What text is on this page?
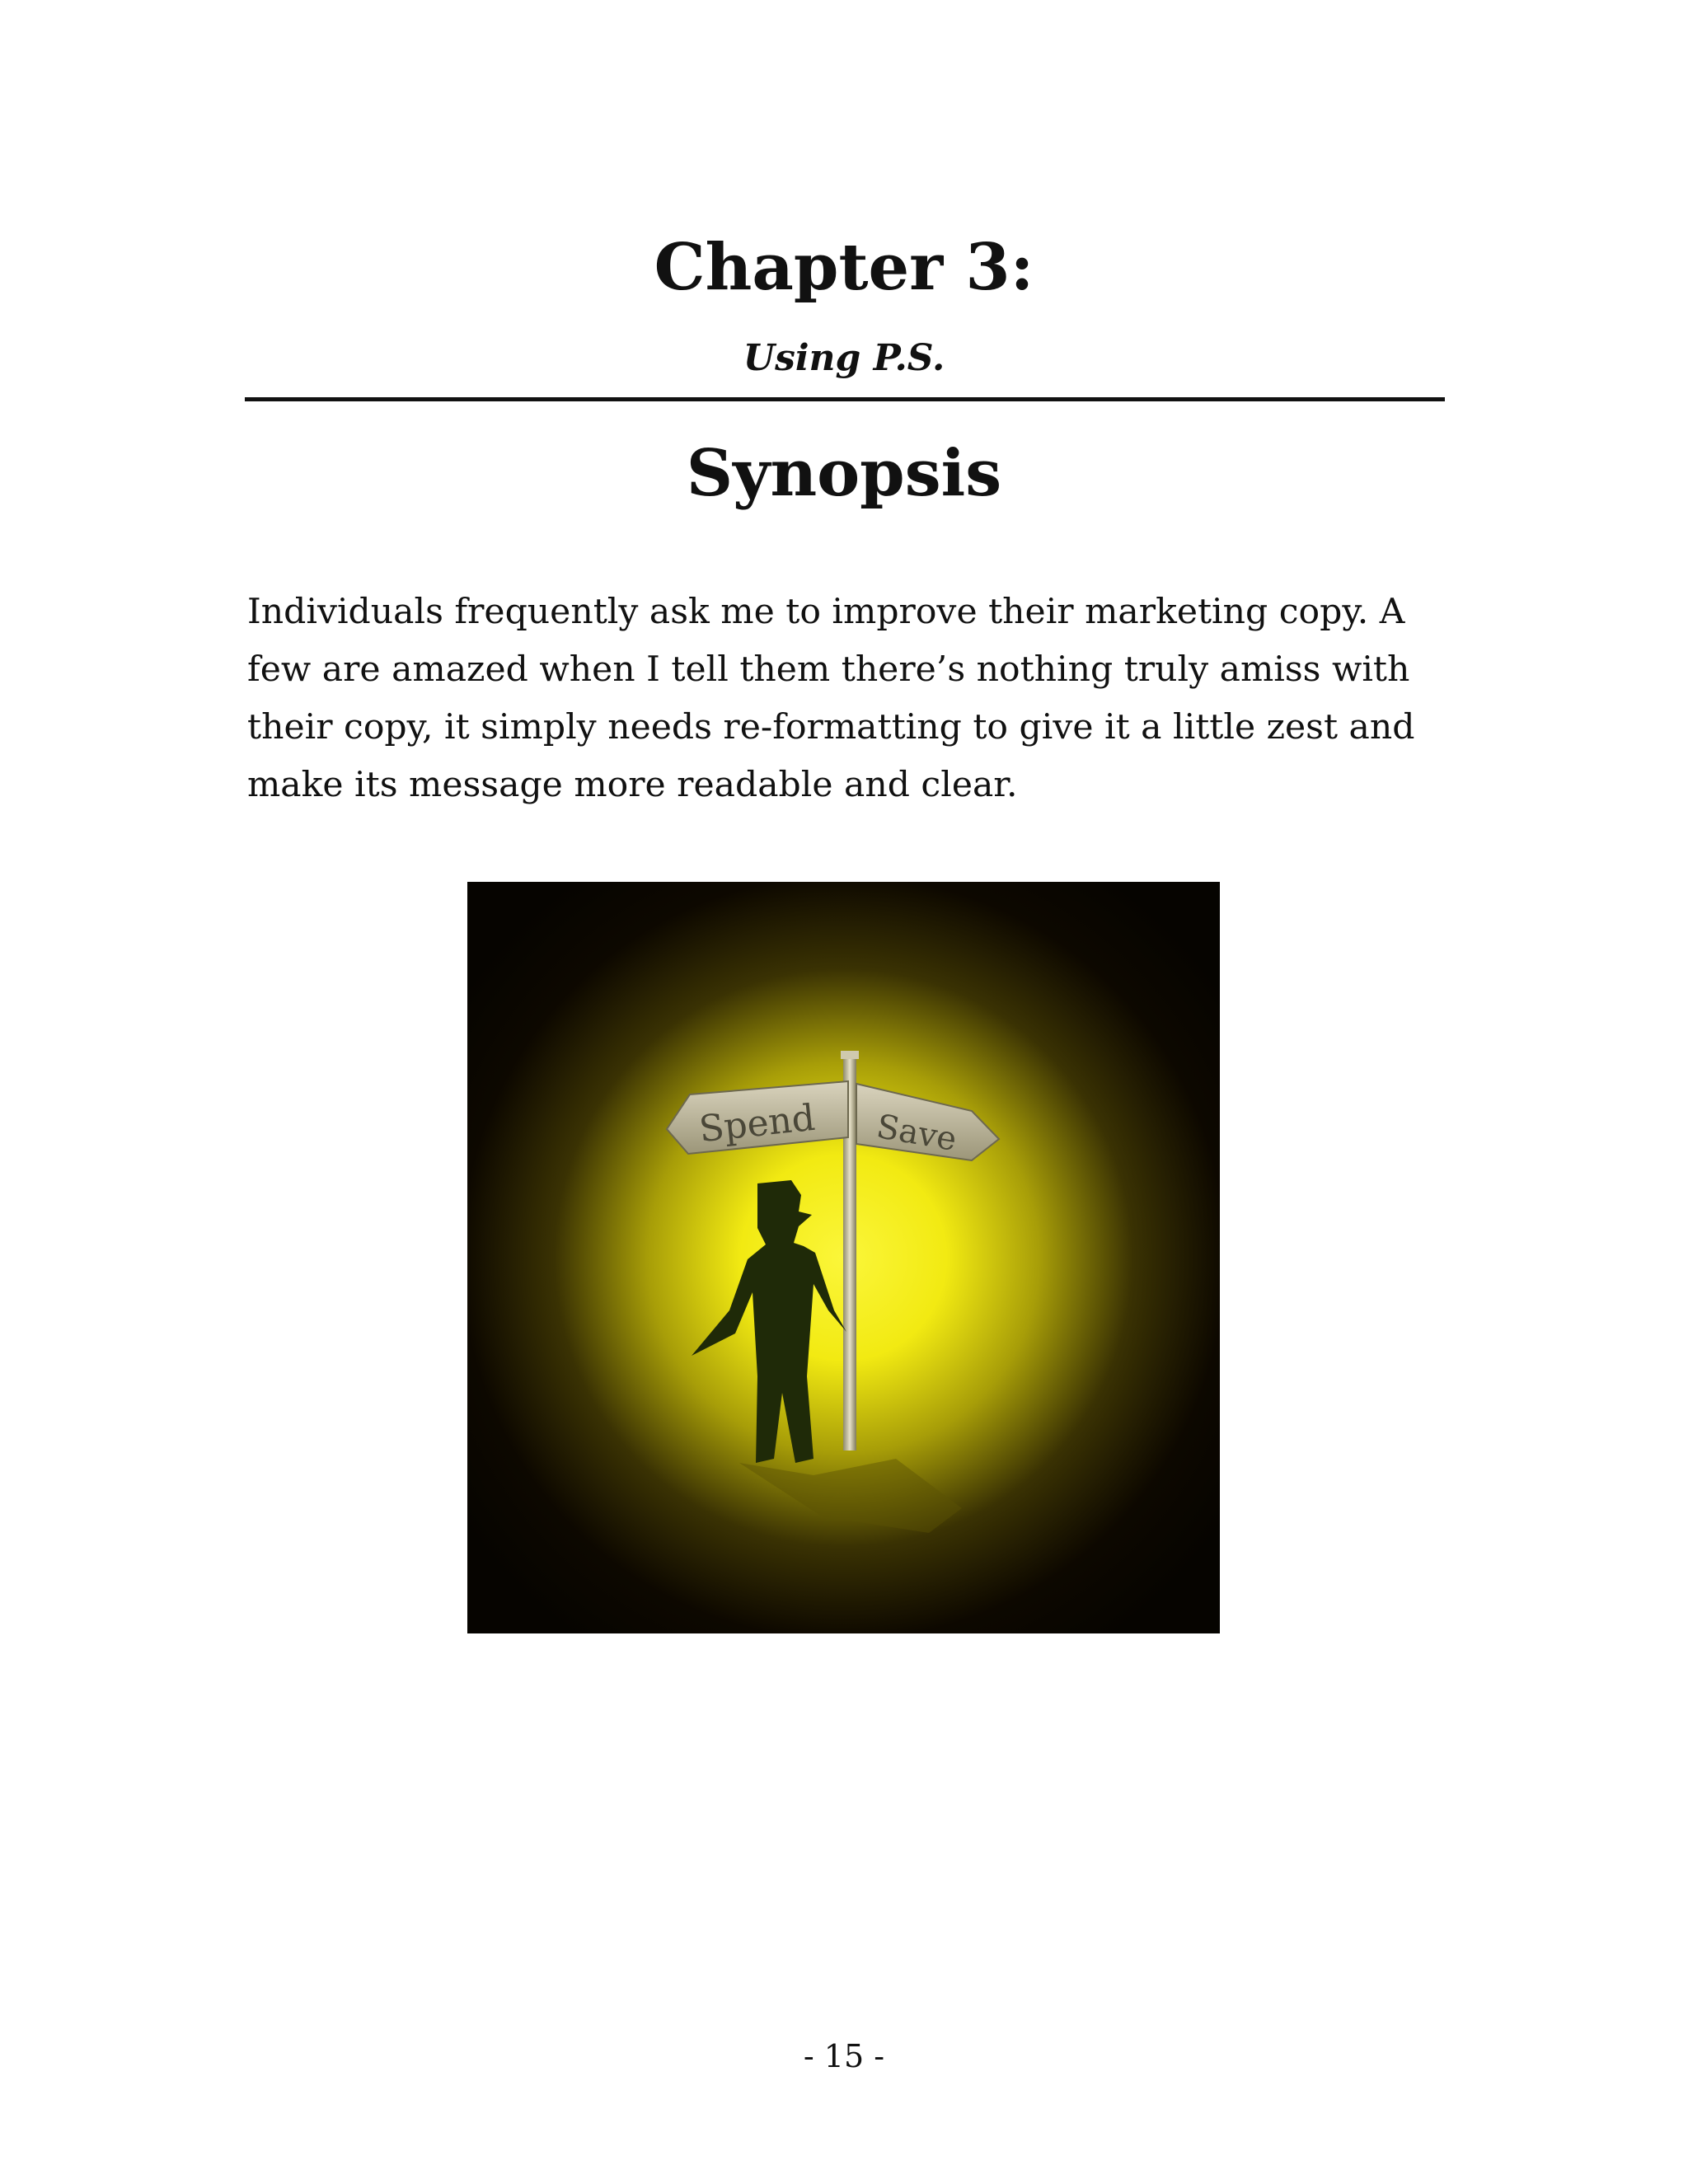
Chapter 3:
Using P.S.
Synopsis

Individuals frequently ask me to improve their marketing copy. A few are amazed when I tell them there’s nothing truly amiss with their copy, it simply needs re-formatting to give it a little zest and make its message more readable and clear.

Spend Save
- 15 -
